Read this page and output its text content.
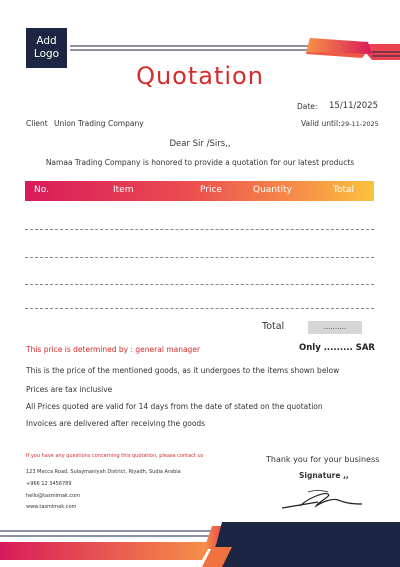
Add
Logo
Quotation
Date: 15/11/2025
Client Union Trading Company	Valid until: 29-11-2025
Dear Sir /Sirs,,
Namaa Trading Company is honored to provide a quotation for our latest products
No.	Item	Price	Quantity	Total
Total	..........
This price is determined by : general manager	Only ......... SAR
This is the price of the mentioned goods, as it undergoes to the items shown below
Prices are tax inclusive
All Prices quoted are valid for 14 days from the date of stated on the quotation
Invoices are delivered after receiving the goods
If you have any questions concerning this quotation, please contact us
123 Mecca Road, Sulaymaniyah District, Riyadh, Sudia Arabia
+966 12 3456789
hello@tasmimak.com
www.tasmimak.com
Thank you for your business
Signature ,,
